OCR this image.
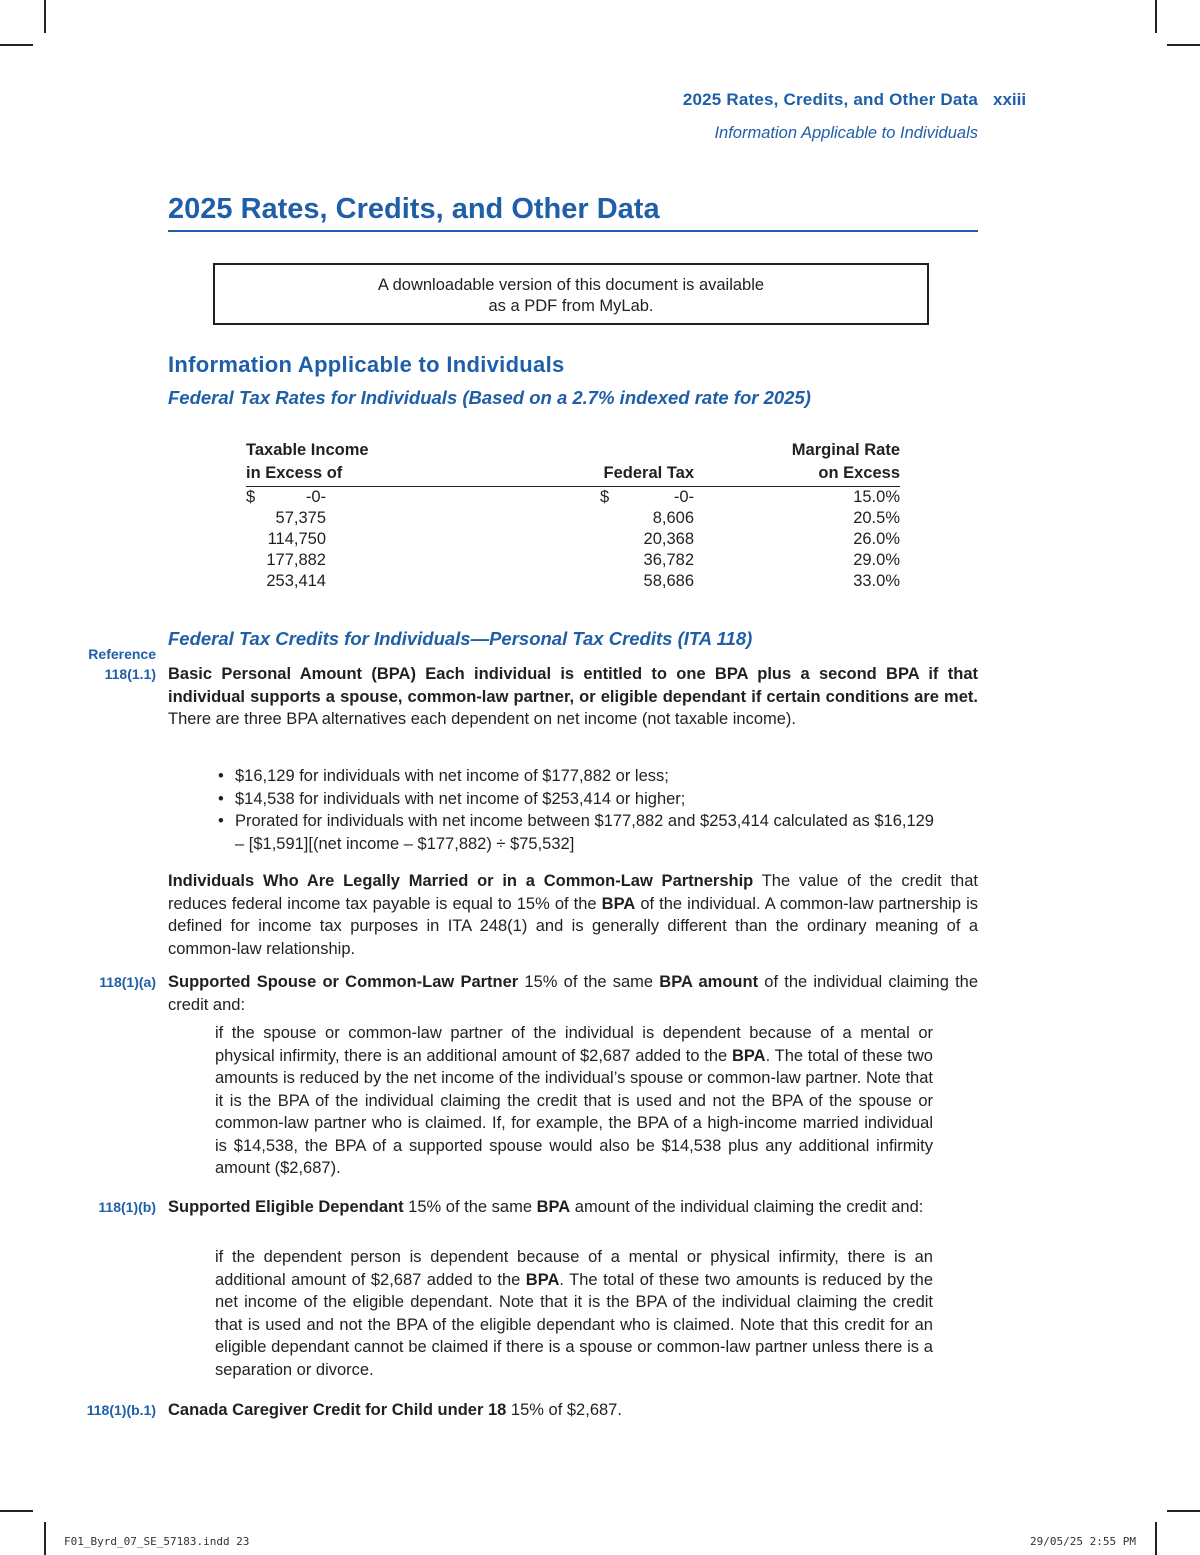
2025 Rates, Credits, and Other Data
Information Applicable to Individuals
xxiii
2025 Rates, Credits, and Other Data
A downloadable version of this document is available
as a PDF from MyLab.
Information Applicable to Individuals
Federal Tax Rates for Individuals (Based on a 2.7% indexed rate for 2025)
Taxable Income
in Excess of	Federal Tax
Marginal Rate
on Excess
$	-0-	$	-0-	15.0%
57,375	8,606	20.5%
114,750	20,368	26.0%
177,882	36,782	29.0%
253,414	58,686	33.0%
Federal Tax Credits for Individuals—Personal Tax Credits (ITA 118)
Reference
118(1.1) Basic Personal Amount (BPA) Each individual is entitled to one BPA plus a second BPA if that individual supports a spouse, common-law partner, or eligible dependant if certain conditions are met. There are three BPA alternatives each dependent on net income (not taxable income).
• $16,129 for individuals with net income of $177,882 or less;
• $14,538 for individuals with net income of $253,414 or higher;
• Prorated for individuals with net income between $177,882 and $253,414 calculated as $16,129 – [$1,591][(net income – $177,882) ÷ $75,532]
Individuals Who Are Legally Married or in a Common-Law Partnership The value of the credit that reduces federal income tax payable is equal to 15% of the BPA of the individual. A common-law partnership is defined for income tax purposes in ITA 248(1) and is generally different than the ordinary meaning of a common-law relationship.
118(1)(a) Supported Spouse or Common-Law Partner 15% of the same BPA amount of the individual claiming the credit and:
if the spouse or common-law partner of the individual is dependent because of a mental or physical infirmity, there is an additional amount of $2,687 added to the BPA. The total of these two amounts is reduced by the net income of the individual’s spouse or common-law partner. Note that it is the BPA of the individual claiming the credit that is used and not the BPA of the spouse or common-law partner who is claimed. If, for example, the BPA of a high-income married individual is $14,538, the BPA of a supported spouse would also be $14,538 plus any additional infirmity amount ($2,687).
118(1)(b) Supported Eligible Dependant 15% of the same BPA amount of the individual claiming the credit and:
if the dependent person is dependent because of a mental or physical infirmity, there is an additional amount of $2,687 added to the BPA. The total of these two amounts is reduced by the net income of the eligible dependant. Note that it is the BPA of the individual claiming the credit that is used and not the BPA of the eligible dependant who is claimed. Note that this credit for an eligible dependant cannot be claimed if there is a spouse or common-law partner unless there is a separation or divorce.
118(1)(b.1) Canada Caregiver Credit for Child under 18 15% of $2,687.
F01_Byrd_07_SE_57183.indd 23	29/05/25 2:55 PM
